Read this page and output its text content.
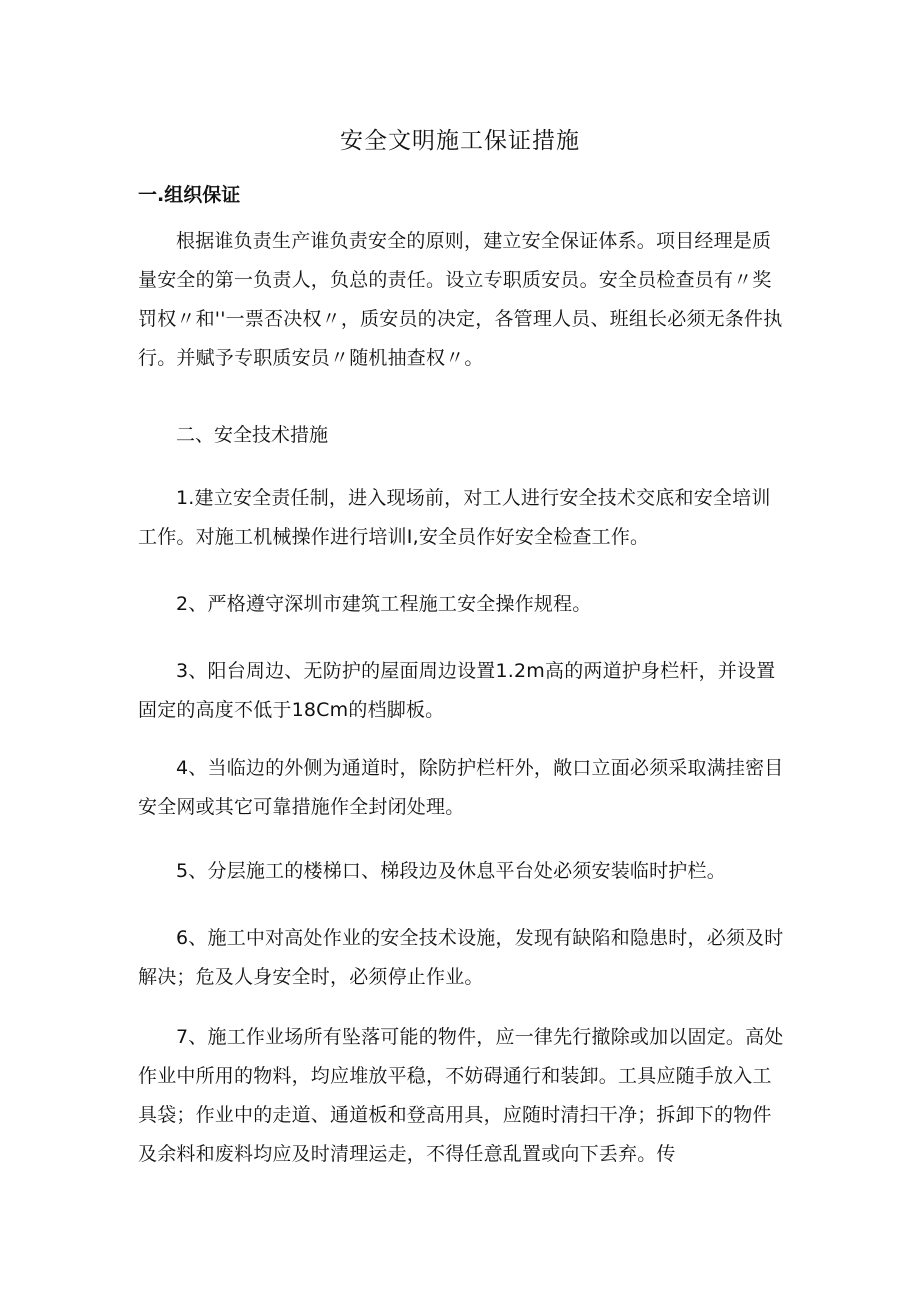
安全文明施工保证措施
一.组织保证

根据谁负责生产谁负责安全的原则，建立安全保证体系。项目经理是质量安全的第一负责人，负总的责任。设立专职质安员。安全员检查员有〃奖罚权〃和''一票否决权〃，质安员的决定，各管理人员、班组长必须无条件执行。并赋予专职质安员〃随机抽查权〃。

二、安全技术措施

1.建立安全责任制，进入现场前，对工人进行安全技术交底和安全培训工作。对施工机械操作进行培训I,安全员作好安全检查工作。

2、严格遵守深圳市建筑工程施工安全操作规程。

3、阳台周边、无防护的屋面周边设置1.2m高的两道护身栏杆，并设置固定的高度不低于18Cm的档脚板。

4、当临边的外侧为通道时，除防护栏杆外，敞口立面必须采取满挂密目安全网或其它可靠措施作全封闭处理。

5、分层施工的楼梯口、梯段边及休息平台处必须安装临时护栏。

6、施工中对高处作业的安全技术设施，发现有缺陷和隐患时，必须及时解决；危及人身安全时，必须停止作业。

7、施工作业场所有坠落可能的物件，应一律先行撤除或加以固定。高处作业中所用的物料，均应堆放平稳，不妨碍通行和装卸。工具应随手放入工具袋；作业中的走道、通道板和登高用具，应随时清扫干净；拆卸下的物件及余料和废料均应及时清理运走，不得任意乱置或向下丢弃。传
